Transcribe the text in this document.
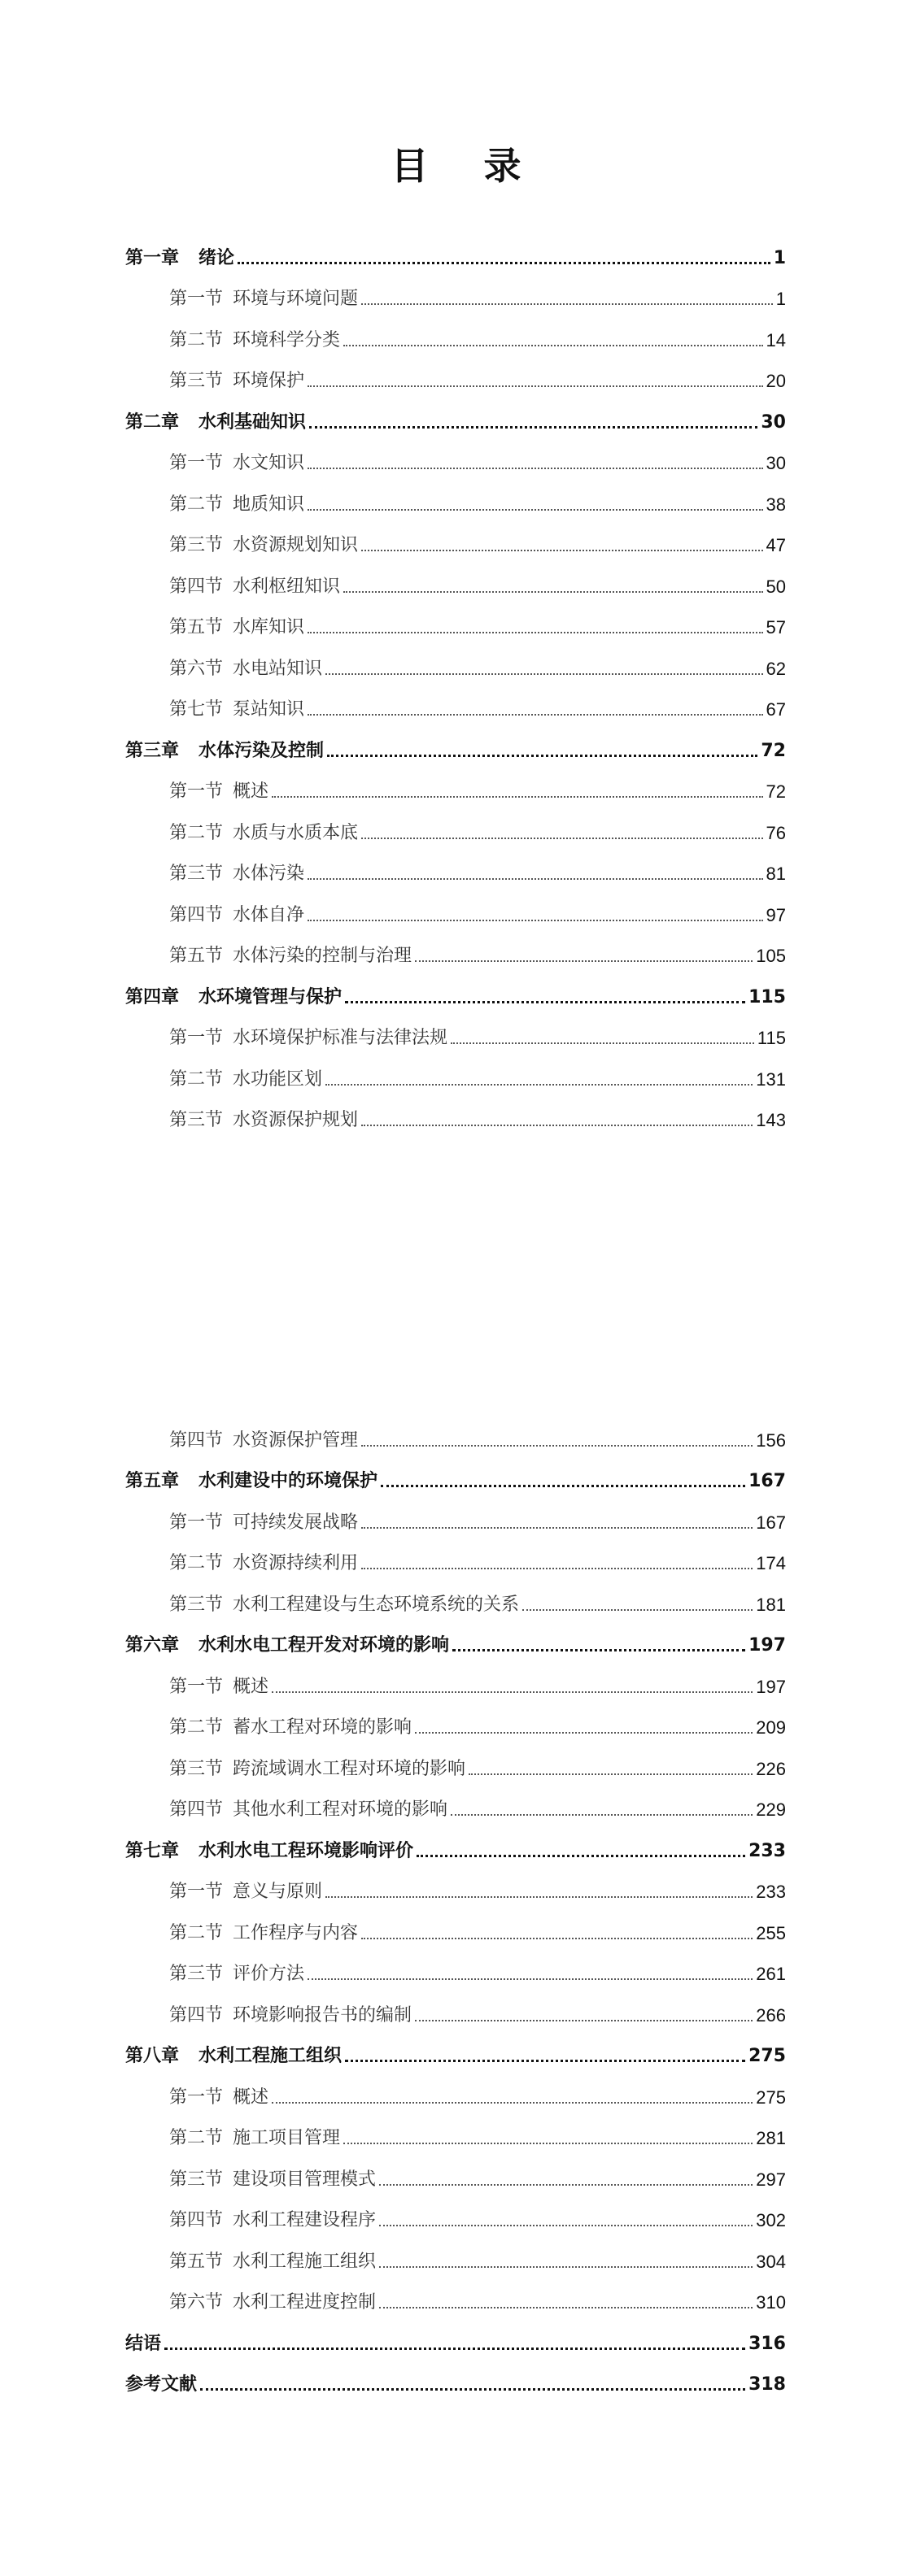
目 录
第一章 绪论	1
第一节 环境与环境问题	1
第二节 环境科学分类	14
第三节 环境保护	20
第二章 水利基础知识	30
第一节 水文知识	30
第二节 地质知识	38
第三节 水资源规划知识	47
第四节 水利枢纽知识	50
第五节 水库知识	57
第六节 水电站知识	62
第七节 泵站知识	67
第三章 水体污染及控制	72
第一节 概述	72
第二节 水质与水质本底	76
第三节 水体污染	81
第四节 水体自净	97
第五节 水体污染的控制与治理	105
第四章 水环境管理与保护	115
第一节 水环境保护标准与法律法规	115
第二节 水功能区划	131
第三节 水资源保护规划	143
第四节 水资源保护管理	156
第五章 水利建设中的环境保护	167
第一节 可持续发展战略	167
第二节 水资源持续利用	174
第三节 水利工程建设与生态环境系统的关系	181
第六章 水利水电工程开发对环境的影响	197
第一节 概述	197
第二节 蓄水工程对环境的影响	209
第三节 跨流域调水工程对环境的影响	226
第四节 其他水利工程对环境的影响	229
第七章 水利水电工程环境影响评价	233
第一节 意义与原则	233
第二节 工作程序与内容	255
第三节 评价方法	261
第四节 环境影响报告书的编制	266
第八章 水利工程施工组织	275
第一节 概述	275
第二节 施工项目管理	281
第三节 建设项目管理模式	297
第四节 水利工程建设程序	302
第五节 水利工程施工组织	304
第六节 水利工程进度控制	310
结语	316
参考文献	318
